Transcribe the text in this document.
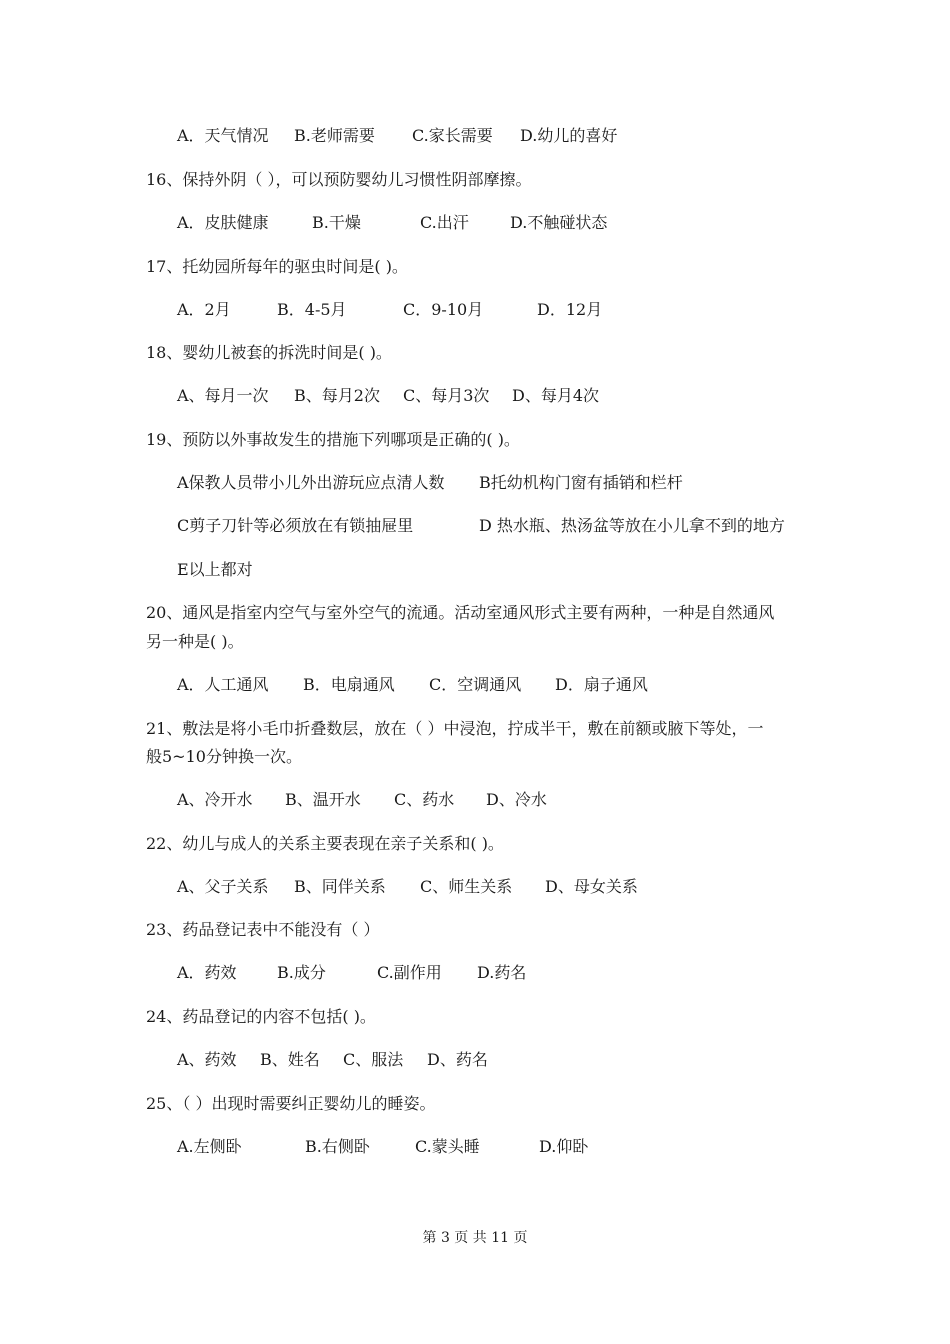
A．天气情况 B.老师需要 C.家长需要 D.幼儿的喜好
16、保持外阴（ ），可以预防婴幼儿习惯性阴部摩擦。
A．皮肤健康	B.干燥	C.出汗	D.不触碰状态
17、托幼园所每年的驱虫时间是( )。
A．2月	B．4-5月	C．9-10月	D．12月
18、婴幼儿被套的拆洗时间是( )。
A、每月一次 B、每月2次 C、每月3次 D、每月4次
19、预防以外事故发生的措施下列哪项是正确的( )。
A保教人员带小儿外出游玩应点清人数 B托幼机构门窗有插销和栏杆
C剪子刀针等必须放在有锁抽屉里	D 热水瓶、热汤盆等放在小儿拿不到的地方
E以上都对
20、通风是指室内空气与室外空气的流通。活动室通风形式主要有两种，一种是自然通风
另一种是( )。
A．人工通风 B．电扇通风 C．空调通风 D．扇子通风
21、敷法是将小毛巾折叠数层，放在（ ）中浸泡，拧成半干，敷在前额或腋下等处，一
般5~10分钟换一次。
A、冷开水 B、温开水 C、药水 D、冷水
22、幼儿与成人的关系主要表现在亲子关系和( )。
A、父子关系 B、同伴关系 C、师生关系 D、母女关系
23、药品登记表中不能没有（ ）
A．药效	B.成分	C.副作用 D.药名
24、药品登记的内容不包括( )。
A、药效 B、姓名 C、服法 D、药名
25、（ ）出现时需要纠正婴幼儿的睡姿。
A.左侧卧	B.右侧卧	C.蒙头睡	D.仰卧
第 3 页 共 11 页
